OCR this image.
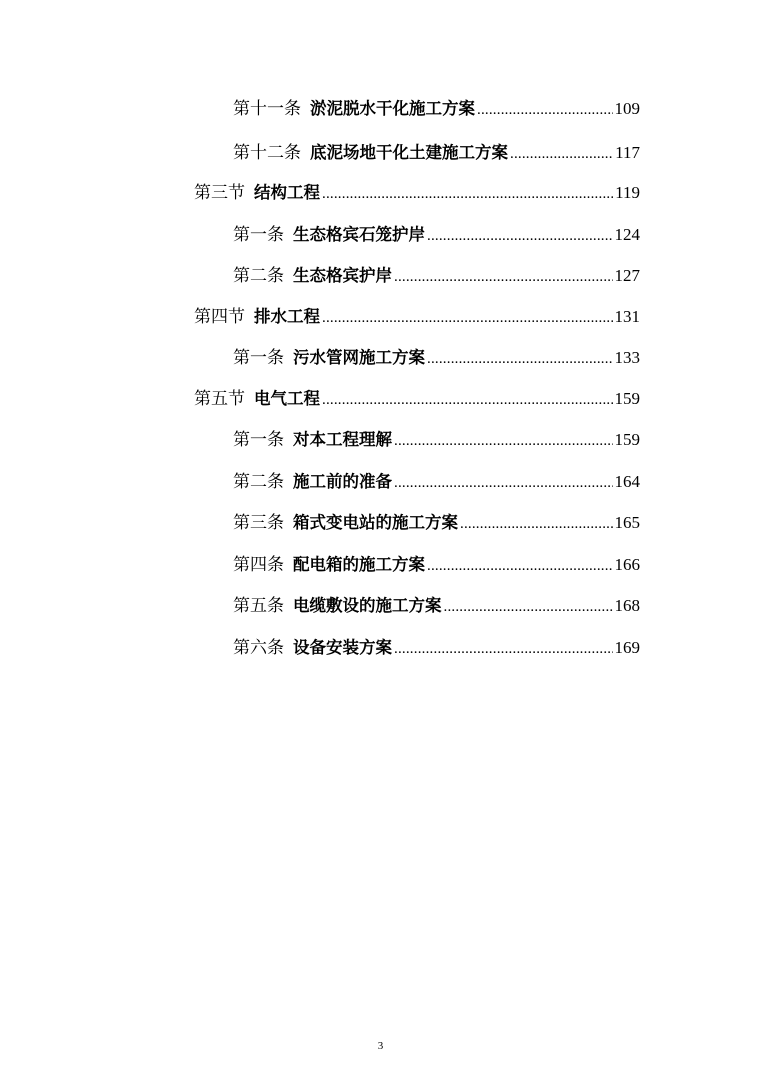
第十一条 淤泥脱水干化施工方案 .....	109
第十二条 底泥场地干化土建施工方案 .....	117
第三节 结构工程 .....	119
第一条 生态格宾石笼护岸 .....	124
第二条 生态格宾护岸 .....	127
第四节 排水工程 .....	131
第一条 污水管网施工方案 .....	133
第五节 电气工程 .....	159
第一条 对本工程理解 .....	159
第二条 施工前的准备 .....	164
第三条 箱式变电站的施工方案 .....	165
第四条 配电箱的施工方案 .....	166
第五条 电缆敷设的施工方案 .....	168
第六条 设备安装方案 .....	169
3
